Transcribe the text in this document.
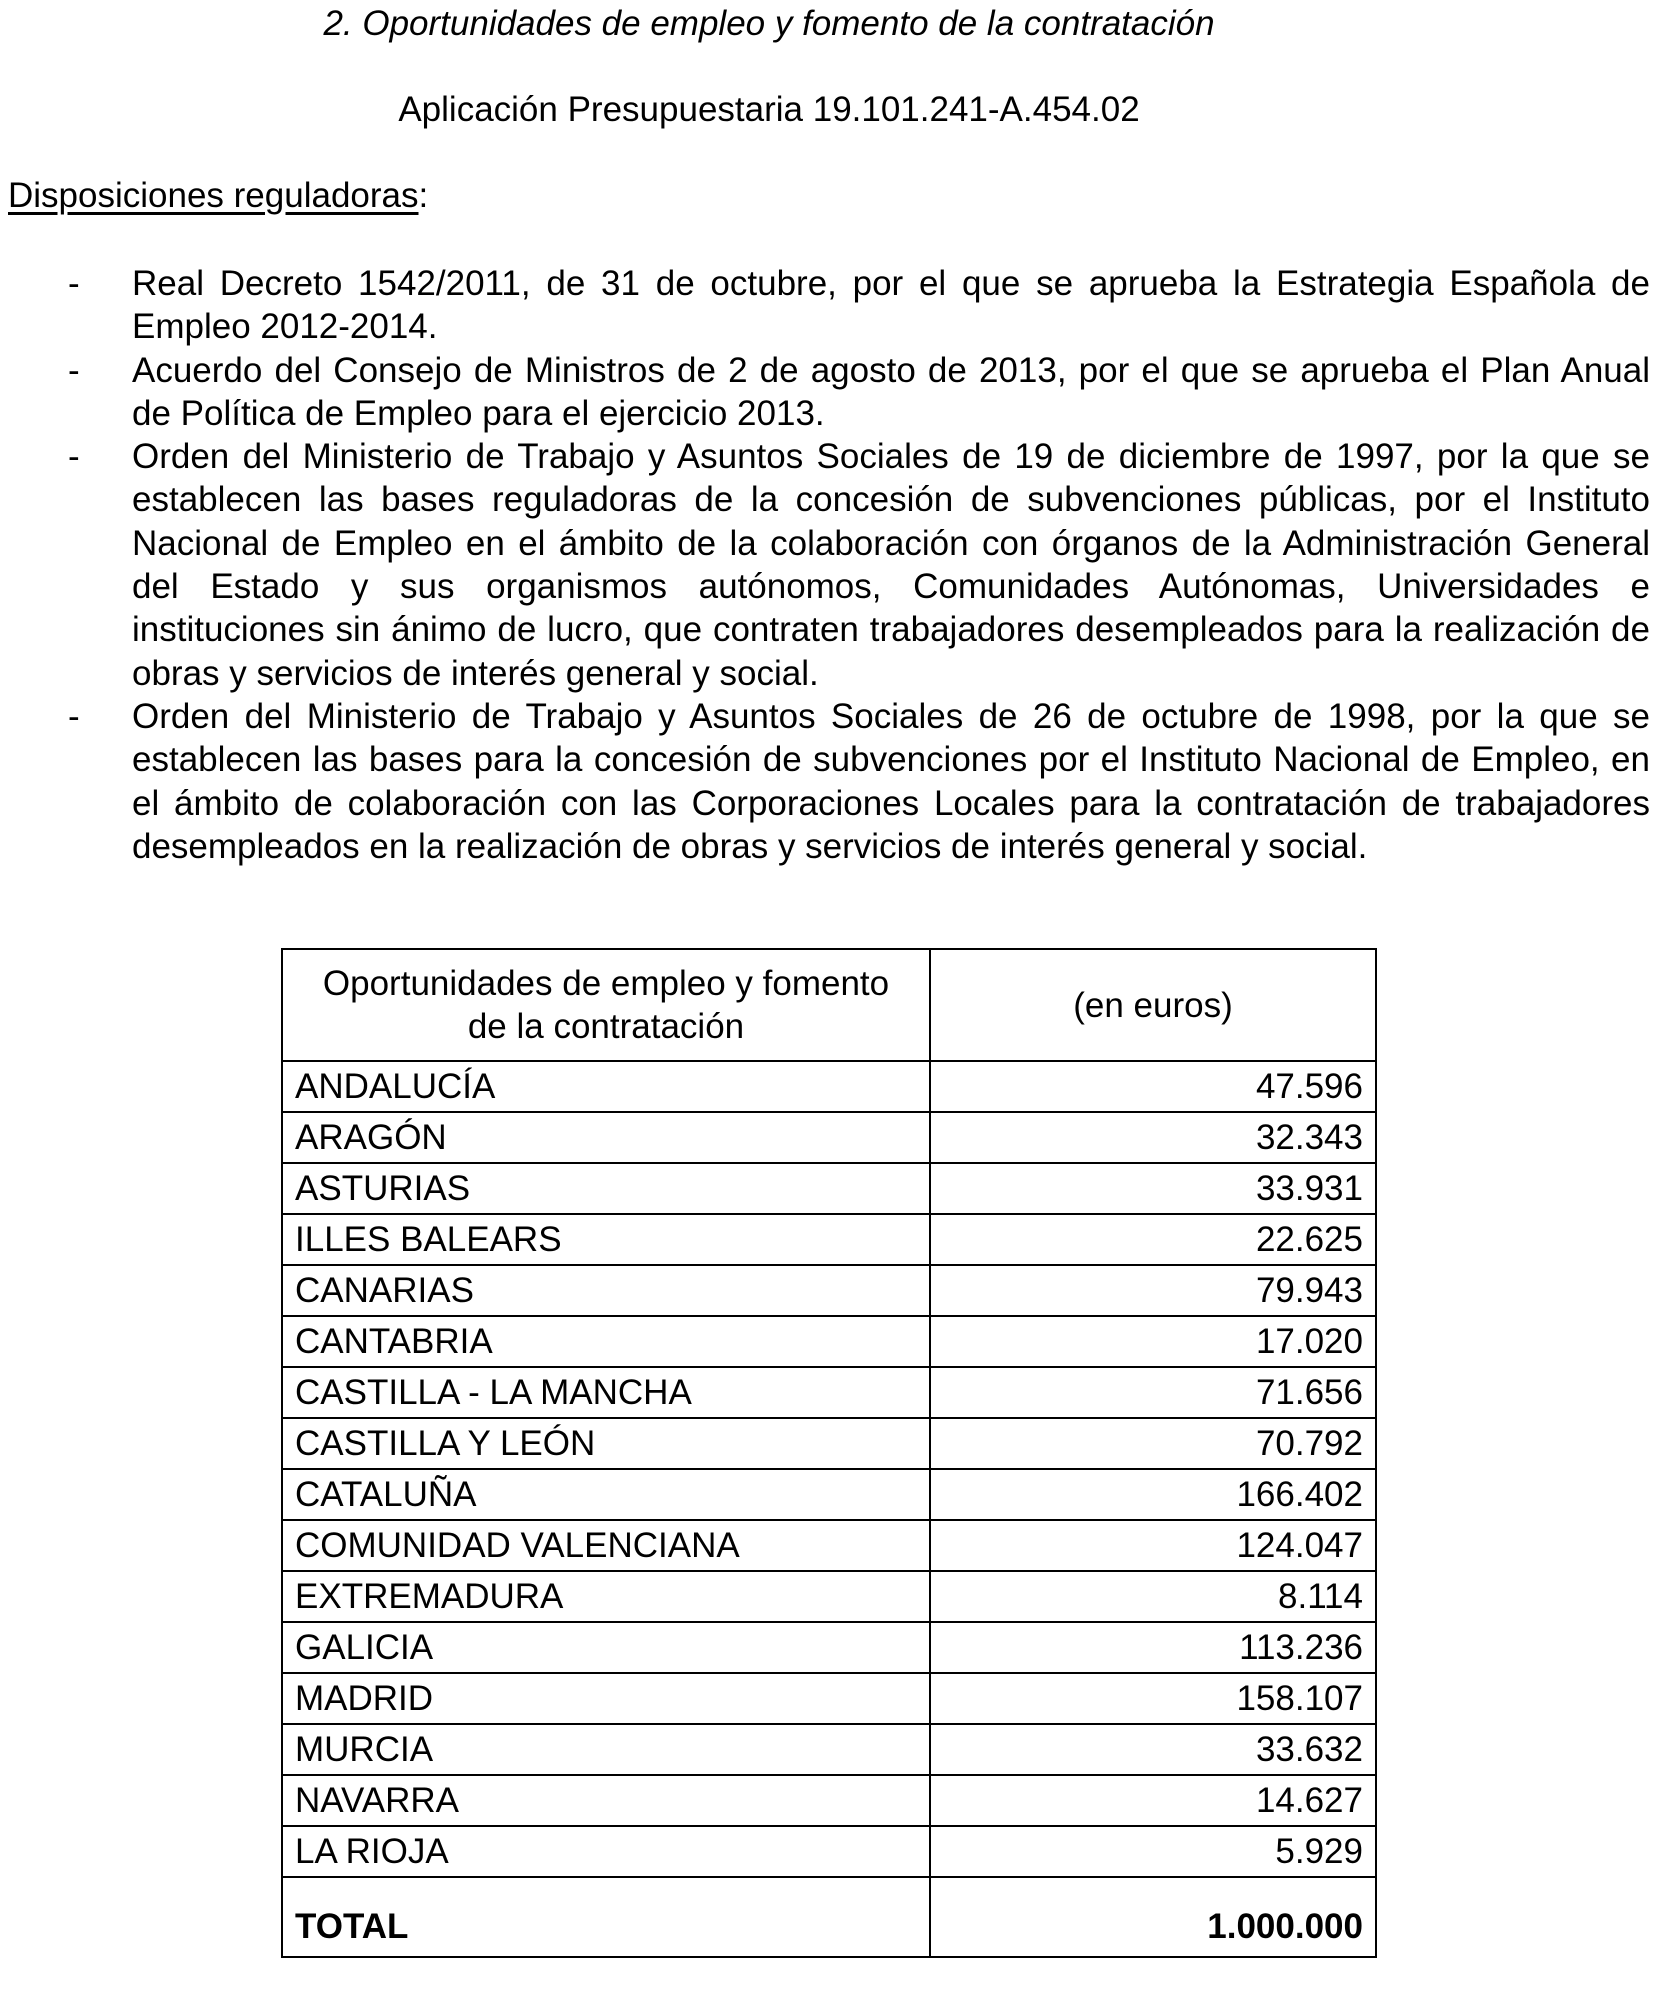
2. Oportunidades de empleo y fomento de la contratación
Aplicación Presupuestaria 19.101.241-A.454.02
Disposiciones reguladoras:
- Real Decreto 1542/2011, de 31 de octubre, por el que se aprueba la Estrategia Española de Empleo 2012-2014.
- Acuerdo del Consejo de Ministros de 2 de agosto de 2013, por el que se aprueba el Plan Anual de Política de Empleo para el ejercicio 2013.
- Orden del Ministerio de Trabajo y Asuntos Sociales de 19 de diciembre de 1997, por la que se establecen las bases reguladoras de la concesión de subvenciones públicas, por el Instituto Nacional de Empleo en el ámbito de la colaboración con órganos de la Administración General del Estado y sus organismos autónomos, Comunidades Autónomas, Universidades e instituciones sin ánimo de lucro, que contraten trabajadores desempleados para la realización de obras y servicios de interés general y social.
- Orden del Ministerio de Trabajo y Asuntos Sociales de 26 de octubre de 1998, por la que se establecen las bases para la concesión de subvenciones por el Instituto Nacional de Empleo, en el ámbito de colaboración con las Corporaciones Locales para la contratación de trabajadores desempleados en la realización de obras y servicios de interés general y social.
Oportunidades de empleo y fomento
de la contratación	(en euros)
ANDALUCÍA	47.596
ARAGÓN	32.343
ASTURIAS	33.931
ILLES BALEARS	22.625
CANARIAS	79.943
CANTABRIA	17.020
CASTILLA - LA MANCHA	71.656
CASTILLA Y LEÓN	70.792
CATALUÑA	166.402
COMUNIDAD VALENCIANA	124.047
EXTREMADURA	8.114
GALICIA	113.236
MADRID	158.107
MURCIA	33.632
NAVARRA	14.627
LA RIOJA	5.929
TOTAL	1.000.000
